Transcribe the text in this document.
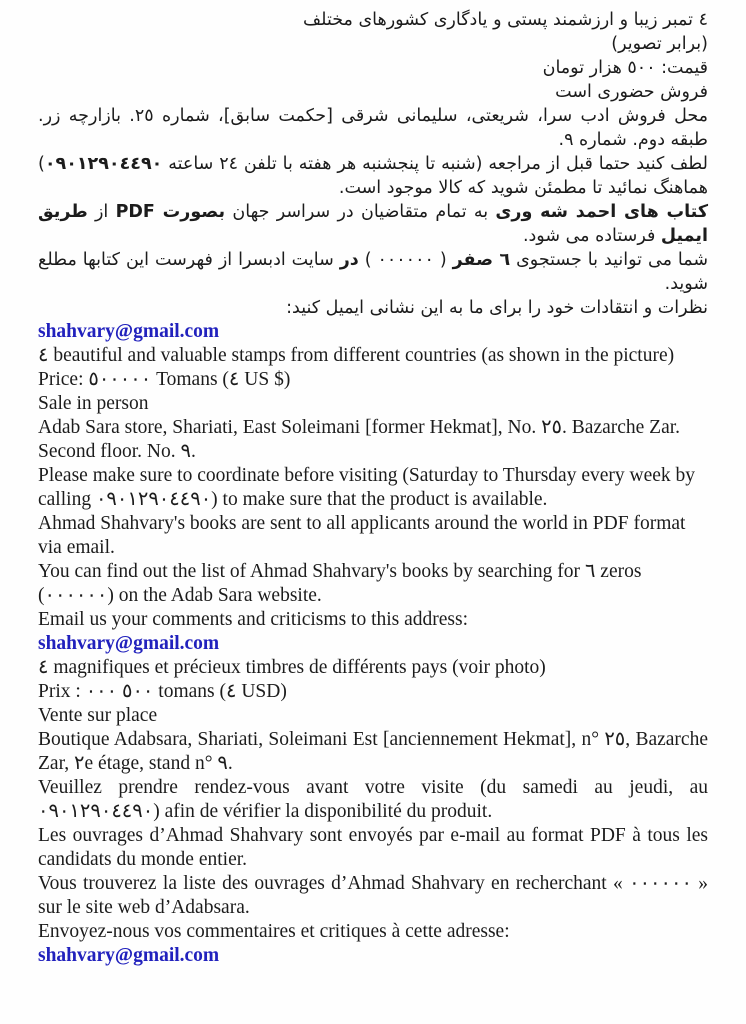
٤ تمبر زیبا و ارزشمند پستی و یادگاری کشورهای مختلف

(برابر تصویر)

قیمت: ٥٠٠ هزار تومان

فروش حضوری است

محل فروش ادب سرا، شریعتی، سلیمانی شرقی [حکمت سابق]، شماره ٢٥. بازارچه زر. طبقه دوم. شماره ٩.

لطف کنید حتما قبل از مراجعه (شنبه تا پنجشنبه هر هفته با تلفن ٢٤ ساعته ٠٩٠١٢٩٠٤٤٩٠) هماهنگ نمائید تا مطمئن شوید که کالا موجود است.

کتاب های احمد شه وری به تمام متقاضیان در سراسر جهان بصورت PDF از طریق ایمیل فرستاده می شود.

شما می توانید با جستجوی ٦ صفر ( ٠٠٠٠٠٠ ) در سایت ادبسرا از فهرست این کتابها مطلع شوید.

نظرات و انتقادات خود را برای ما به این نشانی ایمیل کنید:

shahvary@gmail.com

٤ beautiful and valuable stamps from different countries (as shown in the picture)

Price: ٥٠٠٠٠٠ Tomans (٤ US $)

Sale in person

Adab Sara store, Shariati, East Soleimani [former Hekmat], No. ٢٥. Bazarche Zar. Second floor. No. ٩.

Please make sure to coordinate before visiting (Saturday to Thursday every week by calling ٠٩٠١٢٩٠٤٤٩٠) to make sure that the product is available.

Ahmad Shahvary's books are sent to all applicants around the world in PDF format via email.

You can find out the list of Ahmad Shahvary's books by searching for ٦ zeros (٠٠٠٠٠٠) on the Adab Sara website.

Email us your comments and criticisms to this address:

shahvary@gmail.com

٤ magnifiques et précieux timbres de différents pays (voir photo)

Prix : ٥٠٠ ٠٠٠ tomans (٤ USD)

Vente sur place

Boutique Adabsara, Shariati, Soleimani Est [anciennement Hekmat], n° ٢٥, Bazarche Zar, ٢e étage, stand n° ٩.

Veuillez prendre rendez-vous avant votre visite (du samedi au jeudi, au ٠٩٠١٢٩٠٤٤٩٠) afin de vérifier la disponibilité du produit.

Les ouvrages d’Ahmad Shahvary sont envoyés par e-mail au format PDF à tous les candidats du monde entier.

Vous trouverez la liste des ouvrages d’Ahmad Shahvary en recherchant « ٠٠٠٠٠٠ » sur le site web d’Adabsara.

Envoyez-nous vos commentaires et critiques à cette adresse:

shahvary@gmail.com
